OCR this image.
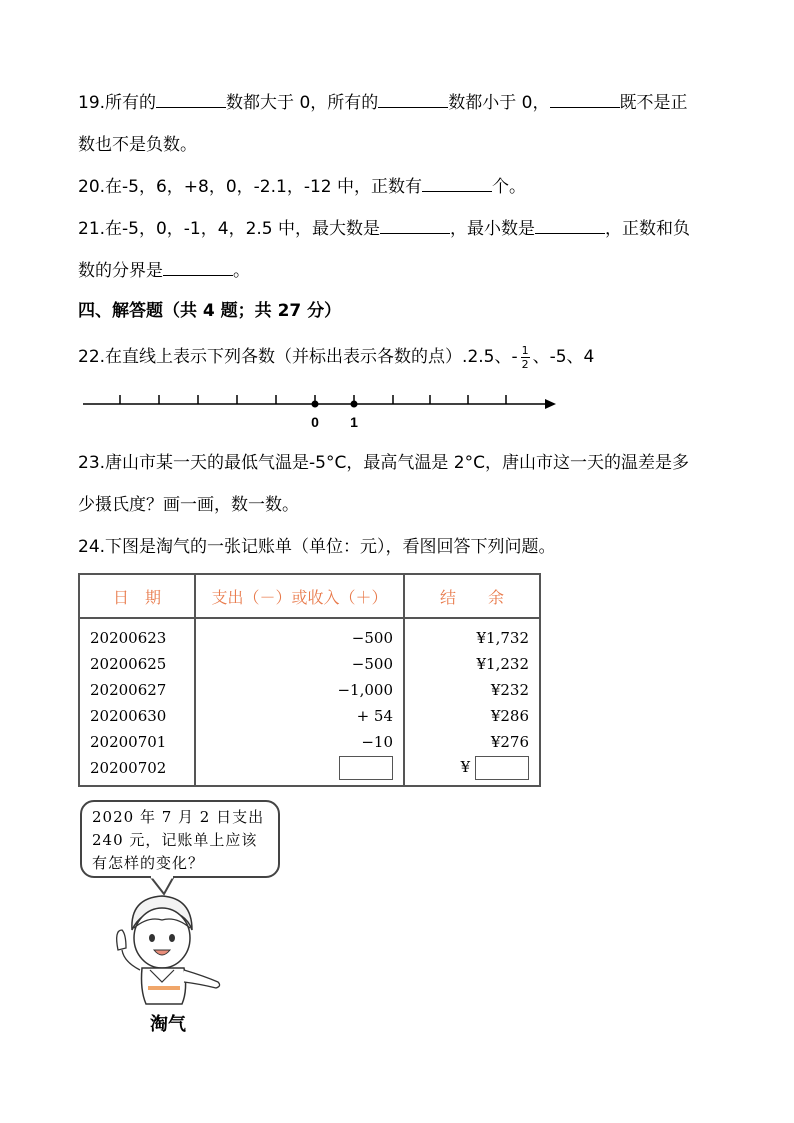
19.所有的	数都大于 0，所有的	数都小于 0，	既不是正
数也不是负数。
20.在-5，6，+8，0，-2.1，-12 中，正数有	个。
21.在-5，0，-1，4，2.5 中，最大数是	，最小数是	，正数和负
数的分界是	。
四、解答题（共 4 题；共 27 分）
22.在直线上表示下列各数（并标出表示各数的点）.2.5、- $\frac{1}{2}$ 、-5、4
0 1
23.唐山市某一天的最低气温是-5°C，最高气温是 2°C，唐山市这一天的温差是多
少摄氏度？画一画，数一数。
24.下图是淘气的一张记账单（单位：元），看图回答下列问题。
日　期	支出（－）或收入（＋）	结　　余
20200623	−500	¥1,732
20200625	−500	¥1,232
20200627	−1,000	¥232
20200630	+ 54	¥286
20200701	−10	¥276
20200702		¥
2020 年 7 月 2 日支出
240 元，记账单上应该
有怎样的变化？
淘气
